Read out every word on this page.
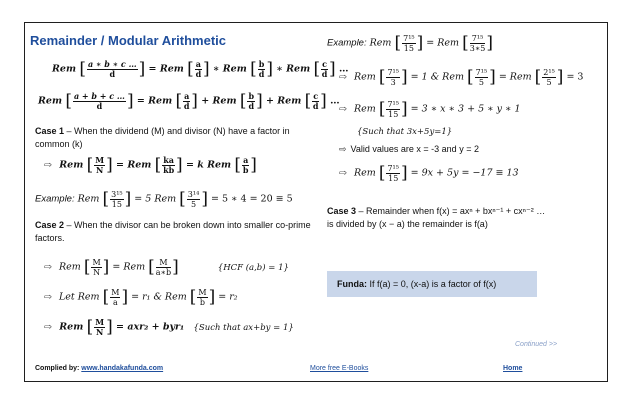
Remainder / Modular Arithmetic
Rem [ $\frac{a ∗ b ∗ c \dots}{d}$ ] = Rem [ $\frac{a}{d}$ ] ∗ Rem [ $\frac{b}{d}$ ] ∗ Rem [ $\frac{c}{d}$ ] …
Rem [ $\frac{a + b + c \dots}{d}$ ] = Rem [ $\frac{a}{d}$ ] + Rem [ $\frac{b}{d}$ ] + Rem [ $\frac{c}{d}$ ] …
Case 1 – When the dividend (M) and divisor (N) have a factor in common (k)
⇨ Rem [ $\frac{M}{N}$ ] = Rem [ $\frac{ka}{kb}$ ] = k Rem [ $\frac{a}{b}$ ]
Example: Rem [ $\frac{\text{3¹⁵}}{15}$ ] = 5 Rem [ $\frac{\text{3¹⁴}}{5}$ ] = 5 ∗ 4 = 20 ≡ 5
Case 2 – When the divisor can be broken down into smaller co-prime factors.
⇨ Rem [ $\frac{M}{N}$ ] = Rem [ $\frac{M}{a∗b}$ ]	{HCF (a,b) = 1}
⇨ Let Rem [ $\frac{M}{a}$ ] = r₁ & Rem [ $\frac{M}{b}$ ] = r₂
⇨ Rem [ $\frac{M}{N}$ ] = axr₂ + byr₁ {Such that ax+by = 1}
Example: Rem [ $\frac{\text{7¹⁵}}{15}$ ] = Rem [ $\frac{\text{7¹⁵}}{3∗5}$ ]
⇨ Rem [ $\frac{\text{7¹⁵}}{3}$ ] = 1 & Rem [ $\frac{\text{7¹⁵}}{5}$ ] = Rem [ $\frac{\text{2¹⁵}}{5}$ ] = 3
⇨ Rem [ $\frac{\text{7¹⁵}}{15}$ ] = 3 ∗ x ∗ 3 + 5 ∗ y ∗ 1
{Such that 3x+5y=1}
⇨ Valid values are x = -3 and y = 2
⇨ Rem [ $\frac{\text{7¹⁵}}{15}$ ] = 9x + 5y = −17 ≡ 13
Case 3 – Remainder when f(x) = axⁿ + bxⁿ⁻¹ + cxⁿ⁻² …
is divided by (x − a) the remainder is f(a)
Funda: If f(a) = 0, (x-a) is a factor of f(x)
Continued >>
Complied by: www.handakafunda.com	More free E-Books	Home
